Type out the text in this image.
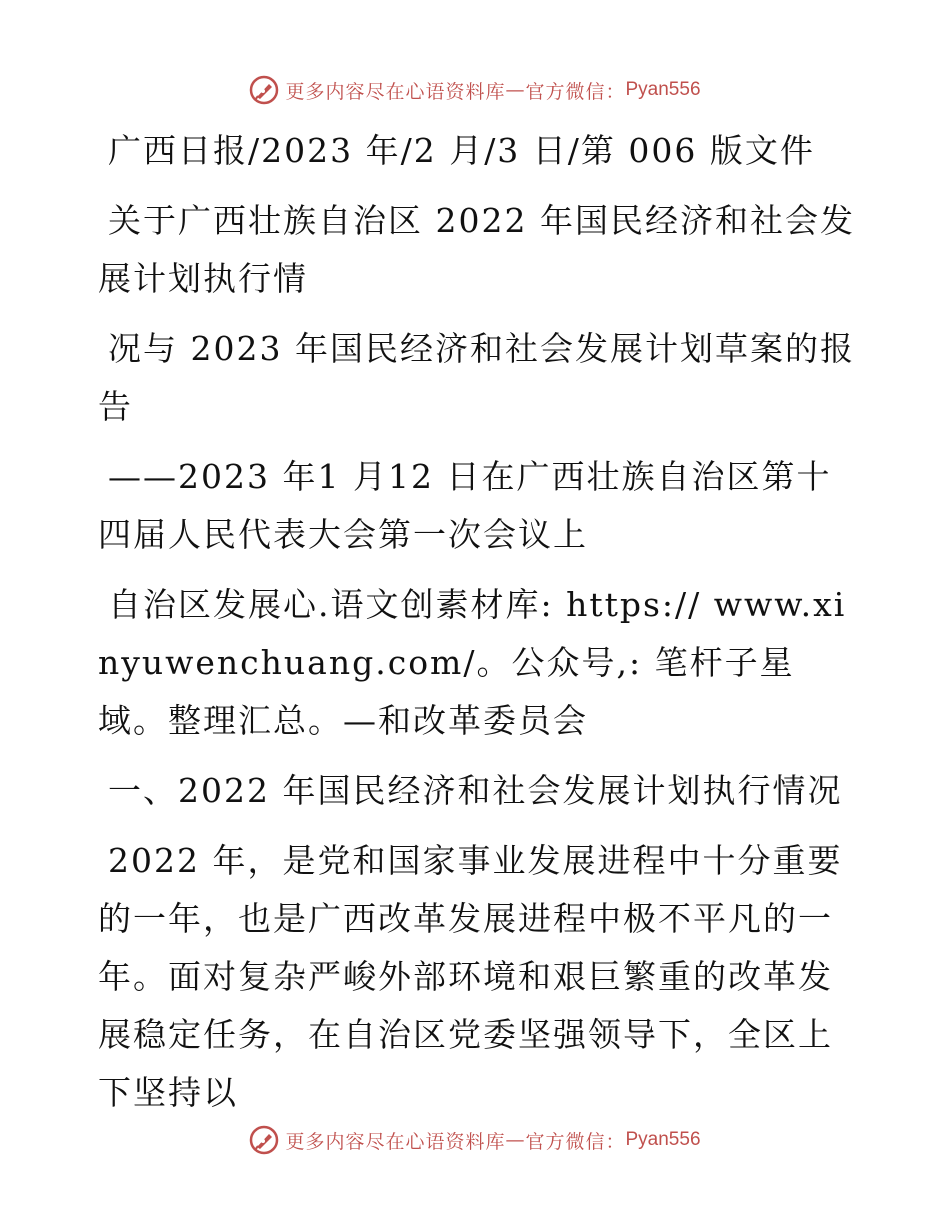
更多内容尽在心语资料库 — 官方微信： Pyan556

广西日报/2023 年/2 月/3 日/第 006 版文件

关于广西壮族自治区 2022 年国民经济和社会发展计划执行情

况与 2023 年国民经济和社会发展计划草案的报告

——2023 年1 月12 日在广西壮族自治区第十四届人民代表大会第一次会议上

自治区发展心.语文创素材库: https:// www.xinyuwenchuang.com/。公众号,: 笔杆子星域。整理汇总。—和改革委员会

一、2022 年国民经济和社会发展计划执行情况

2022 年，是党和国家事业发展进程中十分重要的一年，也是广西改革发展进程中极不平凡的一年。面对复杂严峻外部环境和艰巨繁重的改革发展稳定任务，在自治区党委坚强领导下，全区上下坚持以

更多内容尽在心语资料库 — 官方微信： Pyan556
